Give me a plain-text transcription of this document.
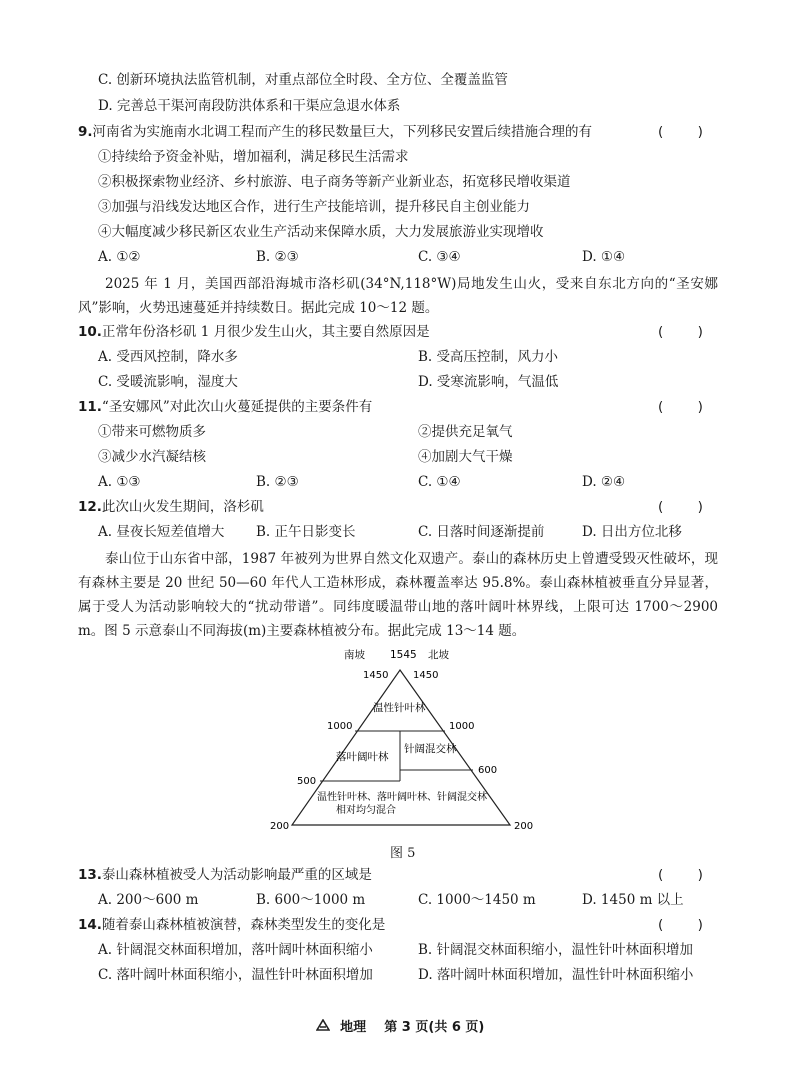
C. 创新环境执法监管机制，对重点部位全时段、全方位、全覆盖监管
D. 完善总干渠河南段防洪体系和干渠应急退水体系
9.河南省为实施南水北调工程而产生的移民数量巨大，下列移民安置后续措施合理的有	(        )
①持续给予资金补贴，增加福利，满足移民生活需求
②积极探索物业经济、乡村旅游、电子商务等新产业新业态，拓宽移民增收渠道
③加强与沿线发达地区合作，进行生产技能培训，提升移民自主创业能力
④大幅度减少移民新区农业生产活动来保障水质，大力发展旅游业实现增收
A. ①②	B. ②③	C. ③④	D. ①④
2025 年 1 月，美国西部沿海城市洛杉矶(34°N,118°W)局地发生山火，受来自东北方向的“圣安娜风”影响，火势迅速蔓延并持续数日。据此完成 10～12 题。
10.正常年份洛杉矶 1 月很少发生山火，其主要自然原因是	(        )
A. 受西风控制，降水多	B. 受高压控制，风力小
C. 受暖流影响，湿度大	D. 受寒流影响，气温低
11.“圣安娜风”对此次山火蔓延提供的主要条件有	(        )
①带来可燃物质多	②提供充足氧气
③减少水汽凝结核	④加剧大气干燥
A. ①③	B. ②③	C. ①④	D. ②④
12.此次山火发生期间，洛杉矶	(        )
A. 昼夜长短差值增大 B. 正午日影变长	C. 日落时间逐渐提前	D. 日出方位北移
泰山位于山东省中部，1987 年被列为世界自然文化双遗产。泰山的森林历史上曾遭受毁灭性破坏，现有森林主要是 20 世纪 50—60 年代人工造林形成，森林覆盖率达 95.8%。泰山森林植被垂直分异显著，属于受人为活动影响较大的“扰动带谱”。同纬度暖温带山地的落叶阔叶林界线，上限可达 1700～2900 m。图 5 示意泰山不同海拔(m)主要森林植被分布。据此完成 13～14 题。
南坡 1545 北坡
1450 1450
1000	1000
500
600
200	200
温性针叶林
落叶阔叶林
针阔混交林
温性针叶林、落叶阔叶林、针阔混交林
相对均匀混合
图 5
13.泰山森林植被受人为活动影响最严重的区域是	(        )
A. 200～600 m	B. 600～1000 m	C. 1000～1450 m	D. 1450 m 以上
14.随着泰山森林植被演替，森林类型发生的变化是	(        )
A. 针阔混交林面积增加，落叶阔叶林面积缩小	B. 针阔混交林面积缩小，温性针叶林面积增加
C. 落叶阔叶林面积缩小，温性针叶林面积增加	D. 落叶阔叶林面积增加，温性针叶林面积缩小
地理 第 3 页(共 6 页)
